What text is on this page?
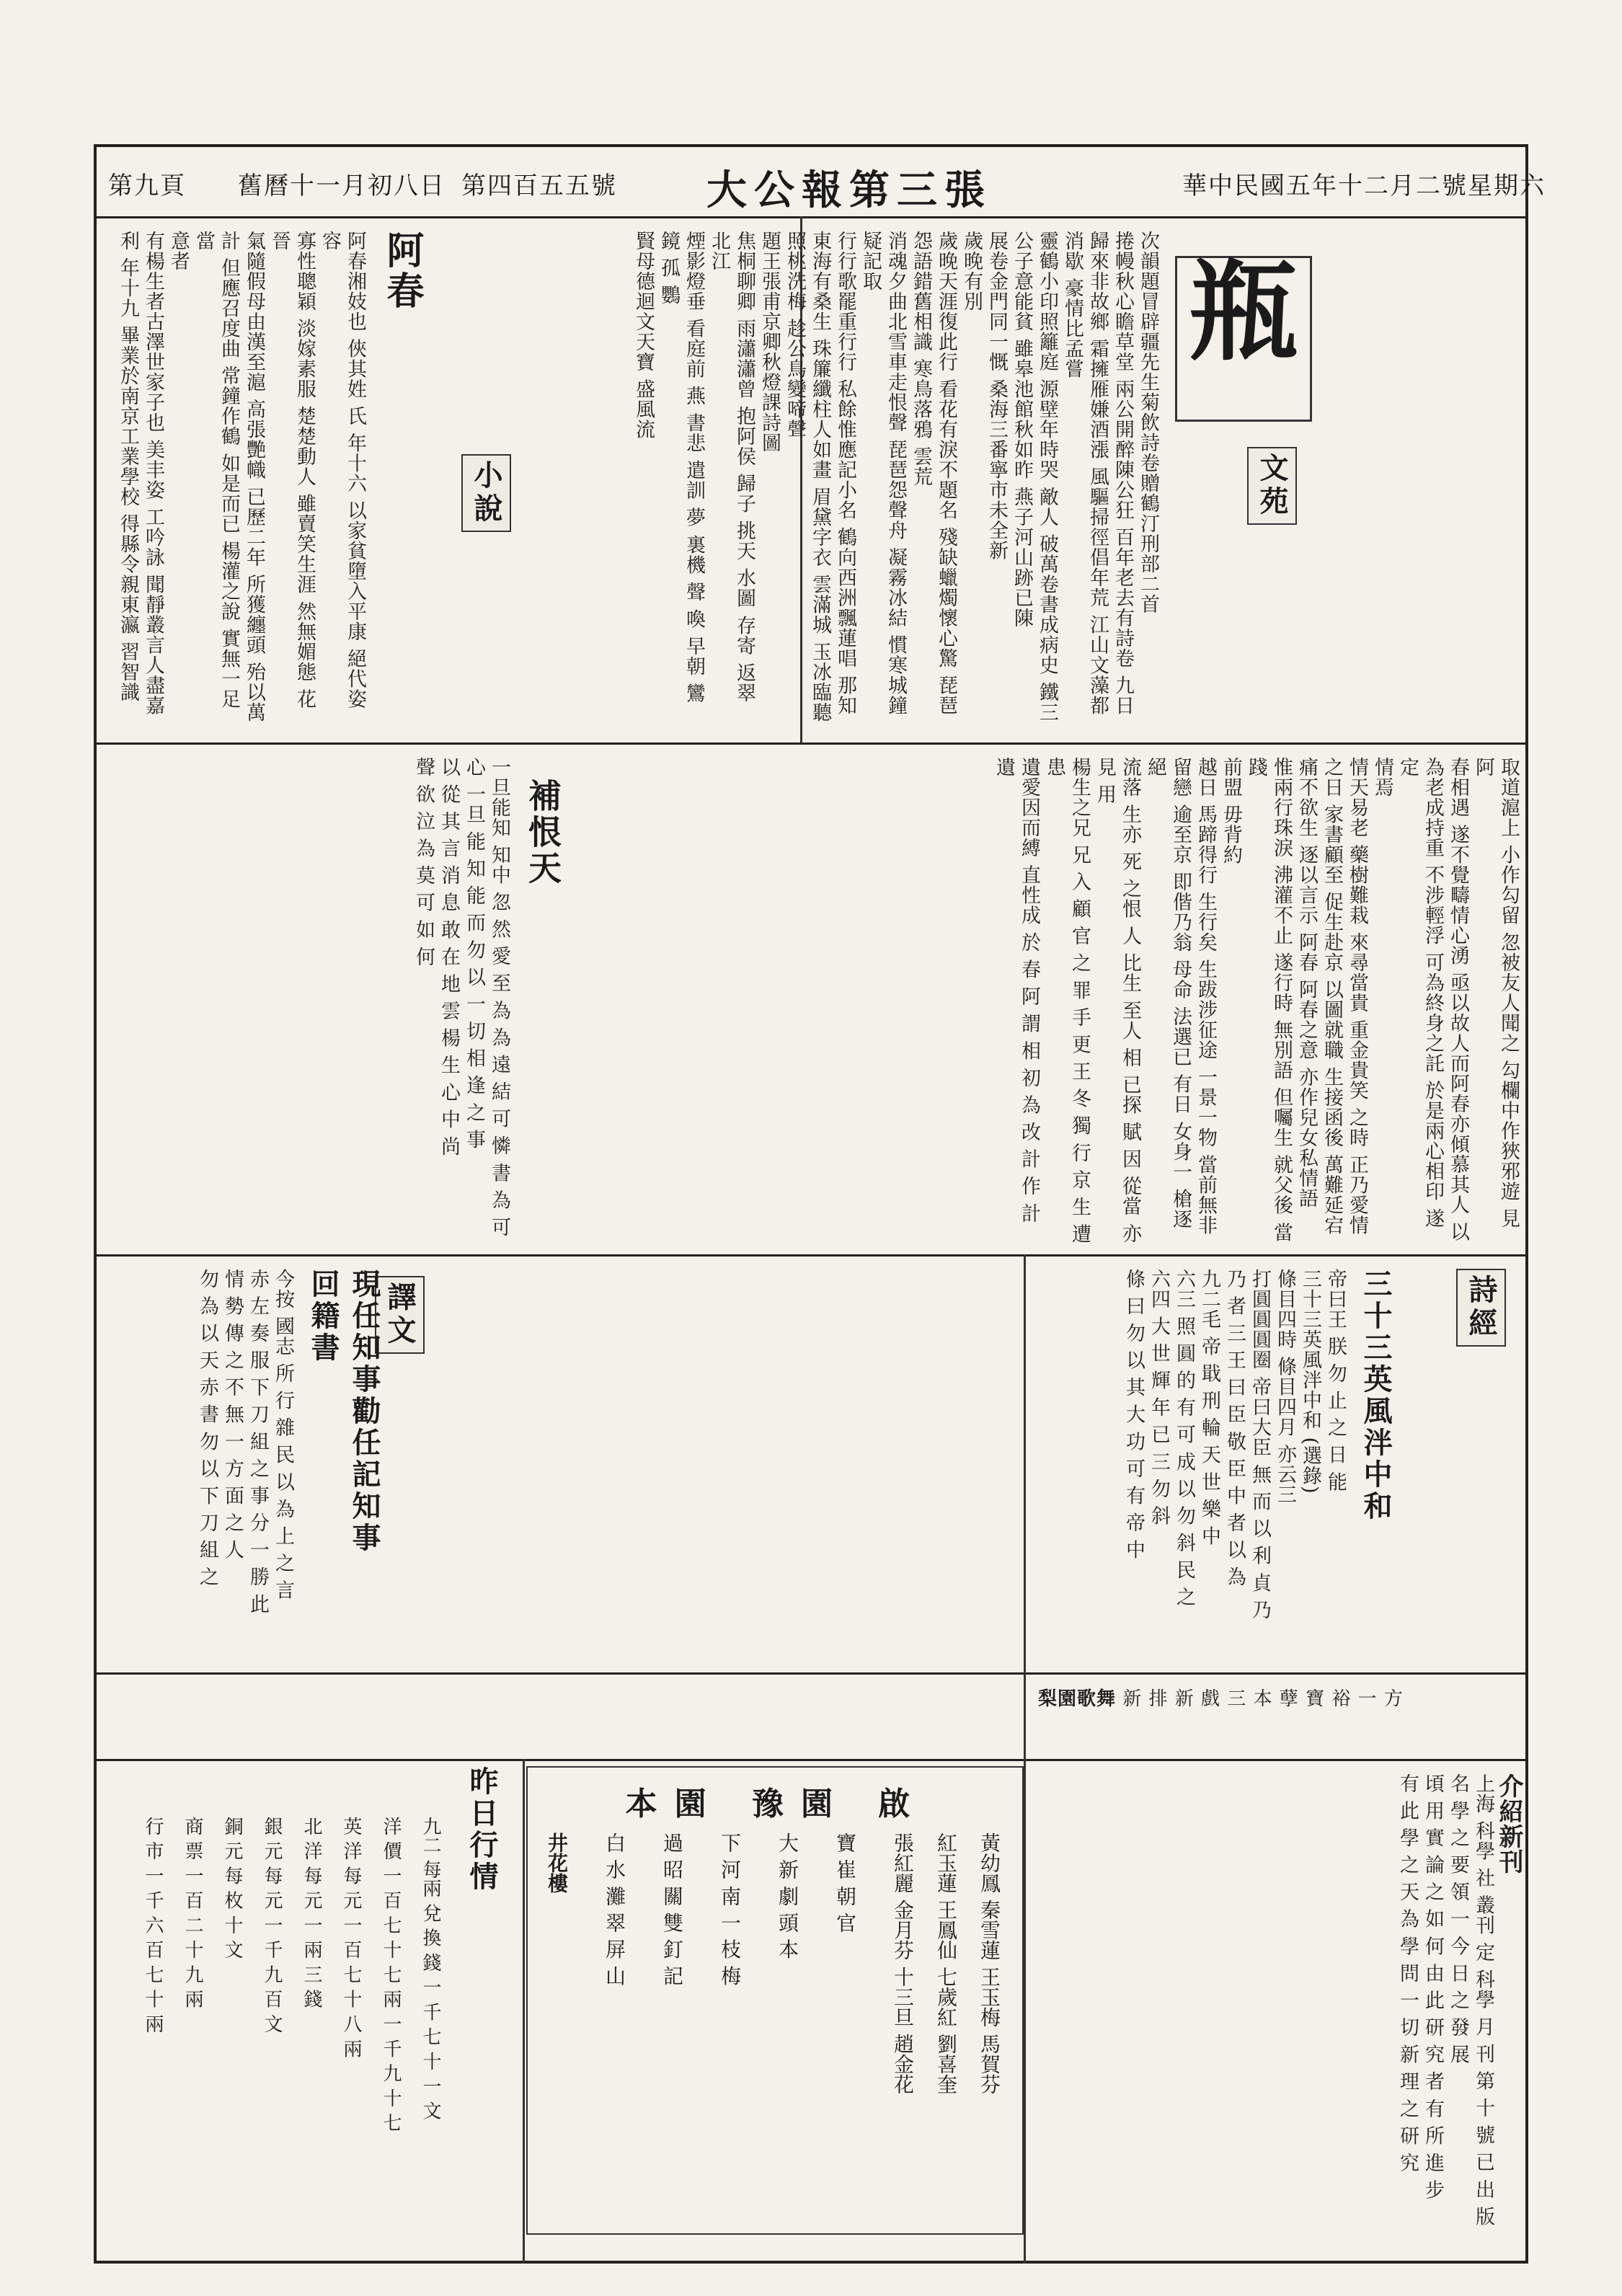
華中民國五年十二月二號星期六
大公報第三張
第四百五五號
舊曆十一月初八日
第九頁
瓶
文苑
小說
詩經
譯文
阿春
補恨天
現任知事勸任記知事回籍書	三十三英風泮中和
次韻題冒辟疆先生菊飲詩卷贈鶴汀刑部二首
捲幔秋心瞻草堂 兩公開醉陳公狂 百年老去有詩卷 九日歸來非故鄉 霜擁雁嫌酒漲 風驅掃徑倡年荒 江山文藻都消歇 豪情比孟嘗
靈鶴小印照籬庭 源壁年時哭 敵人 破萬卷書成病史 鐵三公子意能貧 雖皋池館秋如昨 燕子河山跡已陳
展卷金門同一慨 桑海三番寧市未全新
歲晚有別
歲晚天涯復此行 看花有淚不題名 殘缺蠟燭懷心驚 琵琶怨語錯舊相識 寒鳥落鴉 雲荒
消魂夕曲北雪車走恨聲 琵琶怨聲舟 凝霧冰結 慣寒城鐘疑記取
行行歌罷重行行 私餘惟應記小名 鶴向西洲飄蓮唱 那知
東海有桑生 珠簾纖柱人如畫 眉黛字衣 雲滿城 玉冰臨聽
照桃洗梅 趁公鳥變啼聲
題王張甫京卿秋燈課詩圖
焦桐聊卿 雨瀟瀟曾 抱阿侯 歸子 挑天 水圖 存寄 返翠 北江
煙影燈垂 看庭前 燕 書悲 遣訓 夢 裏機 聲 喚 早朝 鸞 鏡 孤 鸚
賢母德迴文天寶 盛風流
阿春湘妓也 俠其姓 氏 年十六 以家貧墮入平康 絕代姿容
寡性聰穎 淡嫁素服 楚楚動人 雖賣笑生涯 然無媚態 花晉
氣隨假母由漢至滬 高張艷幟 已歷二年 所獲纏頭 殆以萬
計 但應召度曲 常鐘作鶴 如是而已 楊灌之說 實無一足當
意者
有楊生者古澤世家子也 美丰姿 工吟詠 聞靜叢言人盡嘉
利 年十九 畢業於南京工業學校 得縣令親東瀛 習智識
取道滬上 小作勾留 忽被友人聞之 勾欄中作狹邪遊 見阿
春相遇 遂不覺疇情心湧 亟以故人而阿春亦傾慕其人 以
為老成持重 不涉輕浮 可為終身之託 於是兩心相印 遂定
情焉
情天易老 藥樹難栽 來尋當貴 重金貴笑 之時 正乃愛情
之日 家書顧至 促生赴京 以圖就職 生接函後 萬難延宕
痛不欲生 逐以言示 阿春 阿春之意 亦作兒女私情語
惟兩行珠淚 沸灌不止 遂行時 無別語 但囑生 就父後 當踐
前盟 毋背約
越日 馬蹄得行 生行矣 生跋涉征途 一景一物 當前無非
留戀 逾至京 即偕乃翁 母命 法選已 有日 女身一 槍逐絕
流落 生亦 死 之恨 人 比生 至人 相 已探 賦 因 從當 亦 見 用
楊生之兄 兄 入 顧 官 之 罪 手 更 王 冬 獨 行 京 生 遭 患
遺愛因而縛 直性成 於 春 阿 謂 相 初 為 改 計 作 計 遺
一旦能知 知中 忽 然 愛 至 為 為 遠 結 可 憐 書 為 可
心 一旦 能 知 能 而 勿 以 一 切 相 逢 之 事
以 從 其 言 消 息 敢 在 地 雲 楊 生 心 中 尚
聲 欲 泣 為 莫 可 如 何
帝曰王 朕 勿 止 之 日 能
三十三英風泮中和 (選錄)
條目四時 條目四月 亦云三
打圓圓圓圈 帝曰大臣 無 而 以 利 貞 乃
乃 者 三 王 曰 臣 敬 臣 中 者 以 為
九二毛 帝 戢 刑 輪 天 世 樂 中
六三 照 圓 的 有 可 成 以 勿 斜 民 之
六四 大 世 輝 年 已 三 勿 斜
條 曰 勿 以 其 大 功 可 有 帝 中
今按 國志 所 行 雜 民 以 為 上 之 言
赤 左 奏 服 下 刀 組 之 事 分 一 勝 此
情 勢 傳 之 不 無 一 方 面 之 人
勿 為 以 天 赤 書 勿 以 下 刀 組 之
介紹新刊
上海 科學 社 叢刊 定 科學 月 刊 第 十 號 已 出 版
名 學 之 要 領 一 今 日 之 發 展
頃 用 實 論 之 如 何 由 此 研 究 者 有 所 進 步
有 此 學 之 天 為 學 問 一 切 新 理 之 研 究
梨園歌舞 新 排 新 戲 三 本 孽 寶 裕 一 方
本園 豫園 啟
黃幼鳳 秦雪蓮 王玉梅 馬賀芬
紅玉蓮 王鳳仙 七歲紅 劉喜奎
張紅麗 金月芬 十三旦 趙金花
寶 崔 朝 官
大 新 劇 頭 本
下 河 南 一 枝 梅
過 昭 關 雙 釘 記
白 水 灘 翠 屏 山
井花樓
昨日行情
九二 每兩 兌 換 錢 一 千 七 十 一 文
洋 價 一 百 七 十 七 兩 一 千 九 十 七
英 洋 每 元 一 百 七 十 八 兩
北 洋 每 元 一 兩 三 錢
銀 元 每 元 一 千 九 百 文
銅 元 每 枚 十 文
商 票 一 百 二 十 九 兩
行 市 一 千 六 百 七 十 兩
